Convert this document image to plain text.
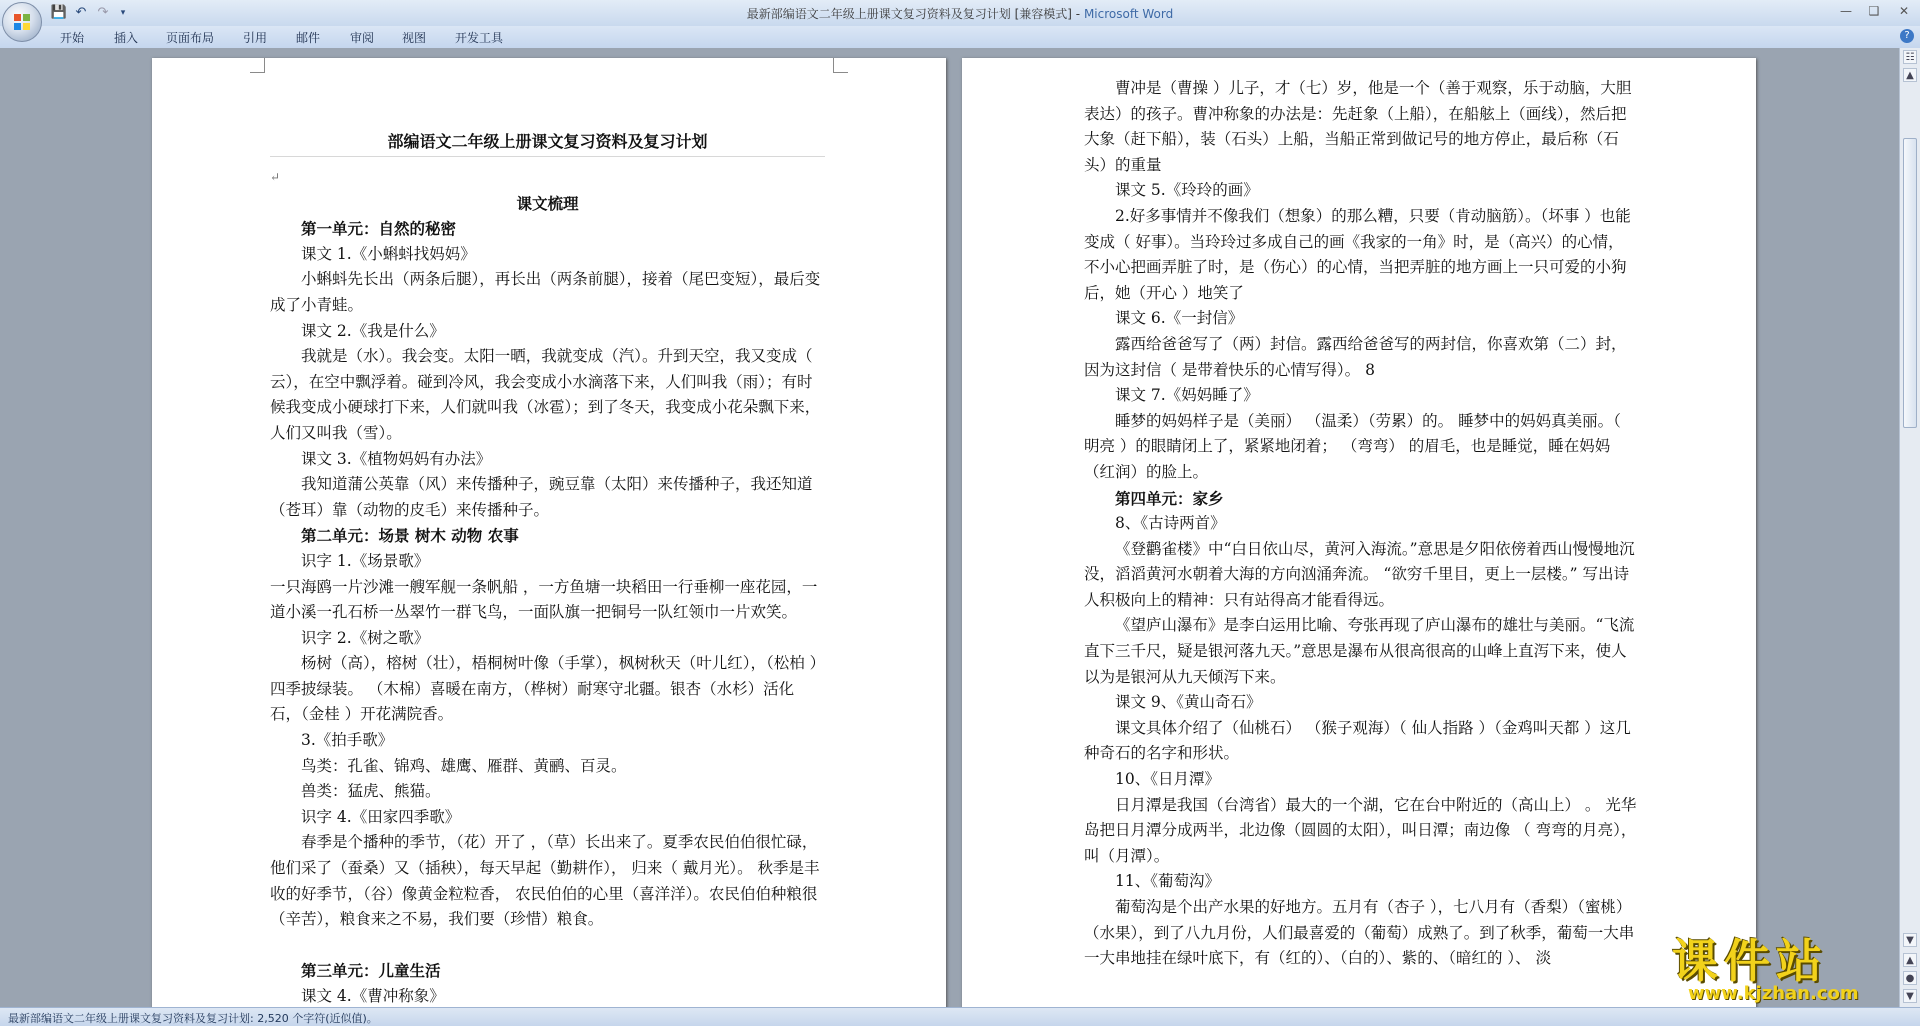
最新部编语文二年级上册课文复习资料及复习计划 [兼容模式] - Microsoft Word
💾 ↶ ↷	▾	—	❑	✕
开始 插入 页面布局 引用 邮件 审阅 视图 开发工具	?
部编语文二年级上册课文复习资料及复习计划
↵
课文梳理
第一单元：自然的秘密
课文 1.《小蝌蚪找妈妈》
小蝌蚪先长出（两条后腿），再长出（两条前腿），接着（尾巴变短），最后变成了小青蛙。
课文 2.《我是什么》
我就是（水）。我会变。太阳一晒，我就变成（汽）。升到天空，我又变成（ 云），在空中飘浮着。碰到冷风，我会变成小水滴落下来，人们叫我（雨）；有时候我变成小硬球打下来，人们就叫我（冰雹）；到了冬天，我变成小花朵飘下来，人们又叫我（雪）。
课文 3.《植物妈妈有办法》
我知道蒲公英靠（风）来传播种子，豌豆靠（太阳）来传播种子，我还知道（苍耳）靠（动物的皮毛）来传播种子。
第二单元：场景 树木 动物 农事
识字 1.《场景歌》
一只海鸥一片沙滩一艘军舰一条帆船 ，一方鱼塘一块稻田一行垂柳一座花园，一道小溪一孔石桥一丛翠竹一群飞鸟，一面队旗一把铜号一队红领巾一片欢笑。
识字 2.《树之歌》
杨树（高），榕树（壮），梧桐树叶像（手掌），枫树秋天（叶儿红），（松柏 ）四季披绿装。 （木棉）喜暖在南方，（桦树）耐寒守北疆。银杏（水杉）活化石，（金桂 ）开花满院香。
3.《拍手歌》
鸟类：孔雀、锦鸡、雄鹰、雁群、黄鹂、百灵。
兽类：猛虎、熊猫。
识字 4.《田家四季歌》
春季是个播种的季节，（花）开了 ，（草）长出来了。夏季农民伯伯很忙碌，他们采了（蚕桑）又（插秧），每天早起（勤耕作）， 归来（ 戴月光）。 秋季是丰收的好季节，（谷）像黄金粒粒香， 农民伯伯的心里（喜洋洋）。农民伯伯种粮很（辛苦），粮食来之不易，我们要（珍惜）粮食。

第三单元：儿童生活
课文 4.《曹冲称象》
曹冲是（曹操 ）儿子，才（七）岁，他是一个（善于观察，乐于动脑，大胆表达）的孩子。曹冲称象的办法是：先赶象（上船），在船舷上（画线），然后把大象（赶下船），装（石头）上船，当船正常到做记号的地方停止，最后称（石头）的重量
课文 5.《玲玲的画》
2.好多事情并不像我们（想象）的那么糟，只要（肯动脑筋）。（坏事 ）也能变成（ 好事）。当玲玲过多成自己的画《我家的一角》时，是（高兴）的心情，不小心把画弄脏了时，是（伤心）的心情，当把弄脏的地方画上一只可爱的小狗后，她（开心 ）地笑了
课文 6.《一封信》
露西给爸爸写了（两）封信。露西给爸爸写的两封信，你喜欢第（二）封，因为这封信（ 是带着快乐的心情写得）。 8
课文 7.《妈妈睡了》
睡梦的妈妈样子是（美丽） （温柔）（劳累）的。 睡梦中的妈妈真美丽。（ 明亮 ）的眼睛闭上了，紧紧地闭着； （弯弯） 的眉毛，也是睡觉，睡在妈妈（红润）的脸上。
第四单元：家乡
8、《古诗两首》
《登鹳雀楼》中“白日依山尽，黄河入海流。”意思是夕阳依傍着西山慢慢地沉没，滔滔黄河水朝着大海的方向汹涌奔流。 “欲穷千里目，更上一层楼。” 写出诗人积极向上的精神：只有站得高才能看得远。
《望庐山瀑布》是李白运用比喻、夸张再现了庐山瀑布的雄壮与美丽。“飞流直下三千尺，疑是银河落九天。”意思是瀑布从很高很高的山峰上直泻下来，使人以为是银河从九天倾泻下来。
课文 9、《黄山奇石》
课文具体介绍了（仙桃石） （猴子观海）（ 仙人指路 ）（金鸡叫天都 ）这几种奇石的名字和形状。
10、《日月潭》
日月潭是我国（台湾省）最大的一个湖，它在台中附近的（高山上） 。 光华岛把日月潭分成两半，北边像（圆圆的太阳），叫日潭；南边像 （ 弯弯的月亮），叫（月潭）。
11、《葡萄沟》
葡萄沟是个出产水果的好地方。五月有（杏子 ），七八月有（香梨）（蜜桃）（水果），到了八九月份，人们最喜爱的（葡萄）成熟了。到了秋季，葡萄一大串一大串地挂在绿叶底下，有（红的）、（白的）、紫的、（暗红的 ）、 淡
☷
▲
▼
▲
●
▼
最新部编语文二年级上册课文复习资料及复习计划: 2,520 个字符(近似值)。
课件站
www.kjzhan.com
